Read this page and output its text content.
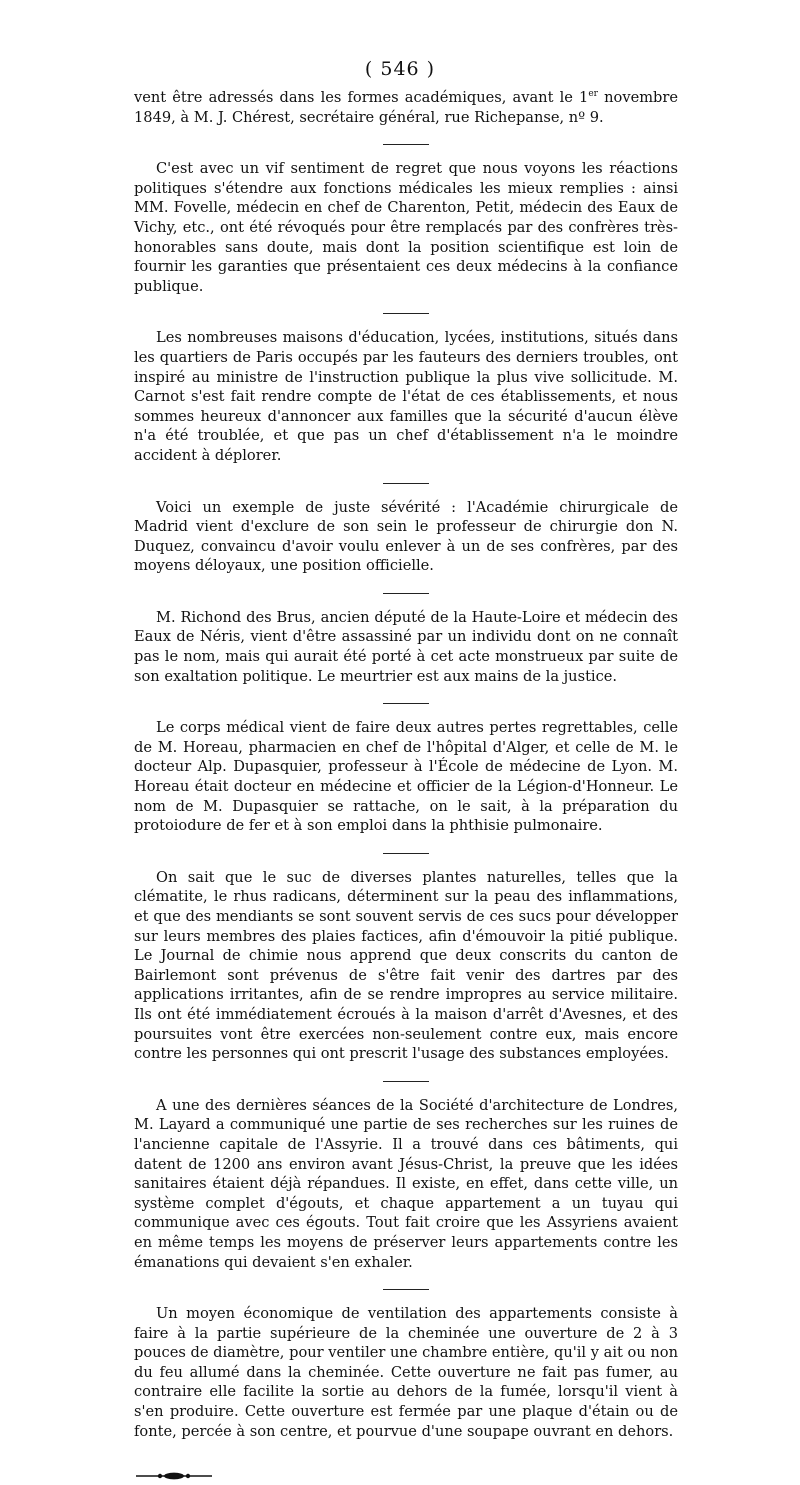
( 546 )

vent être adressés dans les formes académiques, avant le 1er novembre 1849, à M. J. Chérest, secrétaire général, rue Richepanse, nº 9.

C'est avec un vif sentiment de regret que nous voyons les réactions politiques s'étendre aux fonctions médicales les mieux remplies : ainsi MM. Fovelle, médecin en chef de Charenton, Petit, médecin des Eaux de Vichy, etc., ont été révoqués pour être remplacés par des confrères très-honorables sans doute, mais dont la position scientifique est loin de fournir les garanties que présentaient ces deux médecins à la confiance publique.

Les nombreuses maisons d'éducation, lycées, institutions, situés dans les quartiers de Paris occupés par les fauteurs des derniers troubles, ont inspiré au ministre de l'instruction publique la plus vive sollicitude. M. Carnot s'est fait rendre compte de l'état de ces établissements, et nous sommes heureux d'annoncer aux familles que la sécurité d'aucun élève n'a été troublée, et que pas un chef d'établissement n'a le moindre accident à déplorer.

Voici un exemple de juste sévérité : l'Académie chirurgicale de Madrid vient d'exclure de son sein le professeur de chirurgie don N. Duquez, convaincu d'avoir voulu enlever à un de ses confrères, par des moyens déloyaux, une position officielle.

M. Richond des Brus, ancien député de la Haute-Loire et médecin des Eaux de Néris, vient d'être assassiné par un individu dont on ne connaît pas le nom, mais qui aurait été porté à cet acte monstrueux par suite de son exaltation politique. Le meurtrier est aux mains de la justice.

Le corps médical vient de faire deux autres pertes regrettables, celle de M. Horeau, pharmacien en chef de l'hôpital d'Alger, et celle de M. le docteur Alp. Dupasquier, professeur à l'École de médecine de Lyon. M. Horeau était docteur en médecine et officier de la Légion-d'Honneur. Le nom de M. Dupasquier se rattache, on le sait, à la préparation du protoiodure de fer et à son emploi dans la phthisie pulmonaire.

On sait que le suc de diverses plantes naturelles, telles que la clématite, le rhus radicans, déterminent sur la peau des inflammations, et que des mendiants se sont souvent servis de ces sucs pour développer sur leurs membres des plaies factices, afin d'émouvoir la pitié publique. Le Journal de chimie nous apprend que deux conscrits du canton de Bairlemont sont prévenus de s'être fait venir des dartres par des applications irritantes, afin de se rendre impropres au service militaire. Ils ont été immédiatement écroués à la maison d'arrêt d'Avesnes, et des poursuites vont être exercées non-seulement contre eux, mais encore contre les personnes qui ont prescrit l'usage des substances employées.

A une des dernières séances de la Société d'architecture de Londres, M. Layard a communiqué une partie de ses recherches sur les ruines de l'ancienne capitale de l'Assyrie. Il a trouvé dans ces bâtiments, qui datent de 1200 ans environ avant Jésus-Christ, la preuve que les idées sanitaires étaient déjà répandues. Il existe, en effet, dans cette ville, un système complet d'égouts, et chaque appartement a un tuyau qui communique avec ces égouts. Tout fait croire que les Assyriens avaient en même temps les moyens de préserver leurs appartements contre les émanations qui devaient s'en exhaler.

Un moyen économique de ventilation des appartements consiste à faire à la partie supérieure de la cheminée une ouverture de 2 à 3 pouces de diamètre, pour ventiler une chambre entière, qu'il y ait ou non du feu allumé dans la cheminée. Cette ouverture ne fait pas fumer, au contraire elle facilite la sortie au dehors de la fumée, lorsqu'il vient à s'en produire. Cette ouverture est fermée par une plaque d'étain ou de fonte, percée à son centre, et pourvue d'une soupape ouvrant en dehors.
